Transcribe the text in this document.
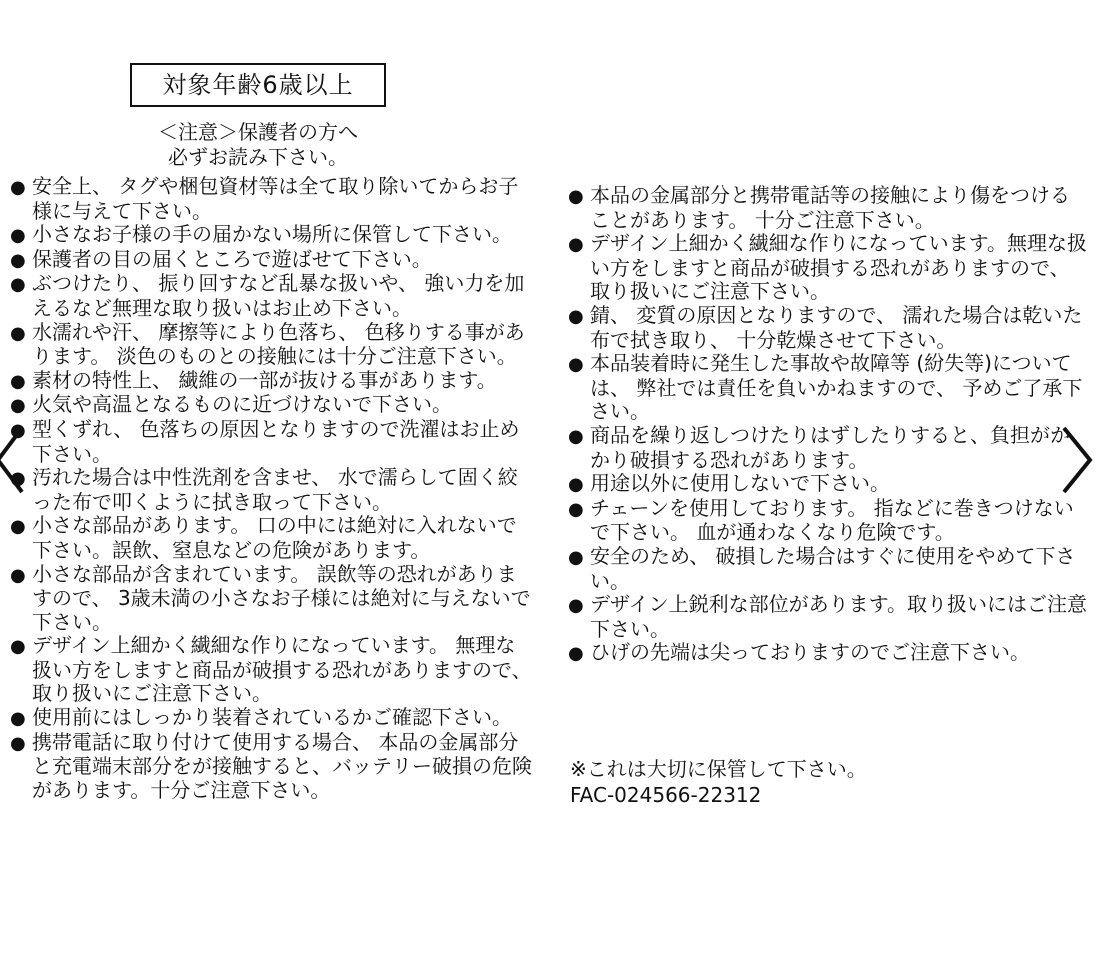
対象年齢6歳以上
＜注意＞保護者の方へ
必ずお読み下さい。

● 安全上、 タグや梱包資材等は全て取り除いてからお子様に与えて下さい。

● 小さなお子様の手の届かない場所に保管して下さい。

● 保護者の目の届くところで遊ばせて下さい。

● ぶつけたり、 振り回すなど乱暴な扱いや、 強い力を加えるなど無理な取り扱いはお止め下さい。

● 水濡れや汗、 摩擦等により色落ち、 色移りする事があります。 淡色のものとの接触には十分ご注意下さい。

● 素材の特性上、 繊維の一部が抜ける事があります。

● 火気や高温となるものに近づけないで下さい。

● 型くずれ、 色落ちの原因となりますので洗濯はお止め下さい。

● 汚れた場合は中性洗剤を含ませ、 水で濡らして固く絞った布で叩くように拭き取って下さい。

● 小さな部品があります。 口の中には絶対に入れないで下さい。誤飲、窒息などの危険があります。

● 小さな部品が含まれています。 誤飲等の恐れがありますので、 3歳未満の小さなお子様には絶対に与えないで下さい。

● デザイン上細かく繊細な作りになっています。 無理な扱い方をしますと商品が破損する恐れがありますので、 取り扱いにご注意下さい。

● 使用前にはしっかり装着されているかご確認下さい。

● 携帯電話に取り付けて使用する場合、 本品の金属部分と充電端末部分をが接触すると、バッテリー破損の危険があります。十分ご注意下さい。

● 本品の金属部分と携帯電話等の接触により傷をつけることがあります。 十分ご注意下さい。

● デザイン上細かく繊細な作りになっています。無理な扱い方をしますと商品が破損する恐れがありますので、 取り扱いにご注意下さい。

● 錆、 変質の原因となりますので、 濡れた場合は乾いた布で拭き取り、 十分乾燥させて下さい。

● 本品装着時に発生した事故や故障等 (紛失等)については、 弊社では責任を負いかねますので、 予めご了承下さい。

● 商品を繰り返しつけたりはずしたりすると、負担がかかり破損する恐れがあります。

● 用途以外に使用しないで下さい。

● チェーンを使用しております。 指などに巻きつけないで下さい。 血が通わなくなり危険です。

● 安全のため、 破損した場合はすぐに使用をやめて下さい。

● デザイン上鋭利な部位があります。取り扱いにはご注意下さい。

● ひげの先端は尖っておりますのでご注意下さい。

※これは大切に保管して下さい。
FAC-024566-22312
